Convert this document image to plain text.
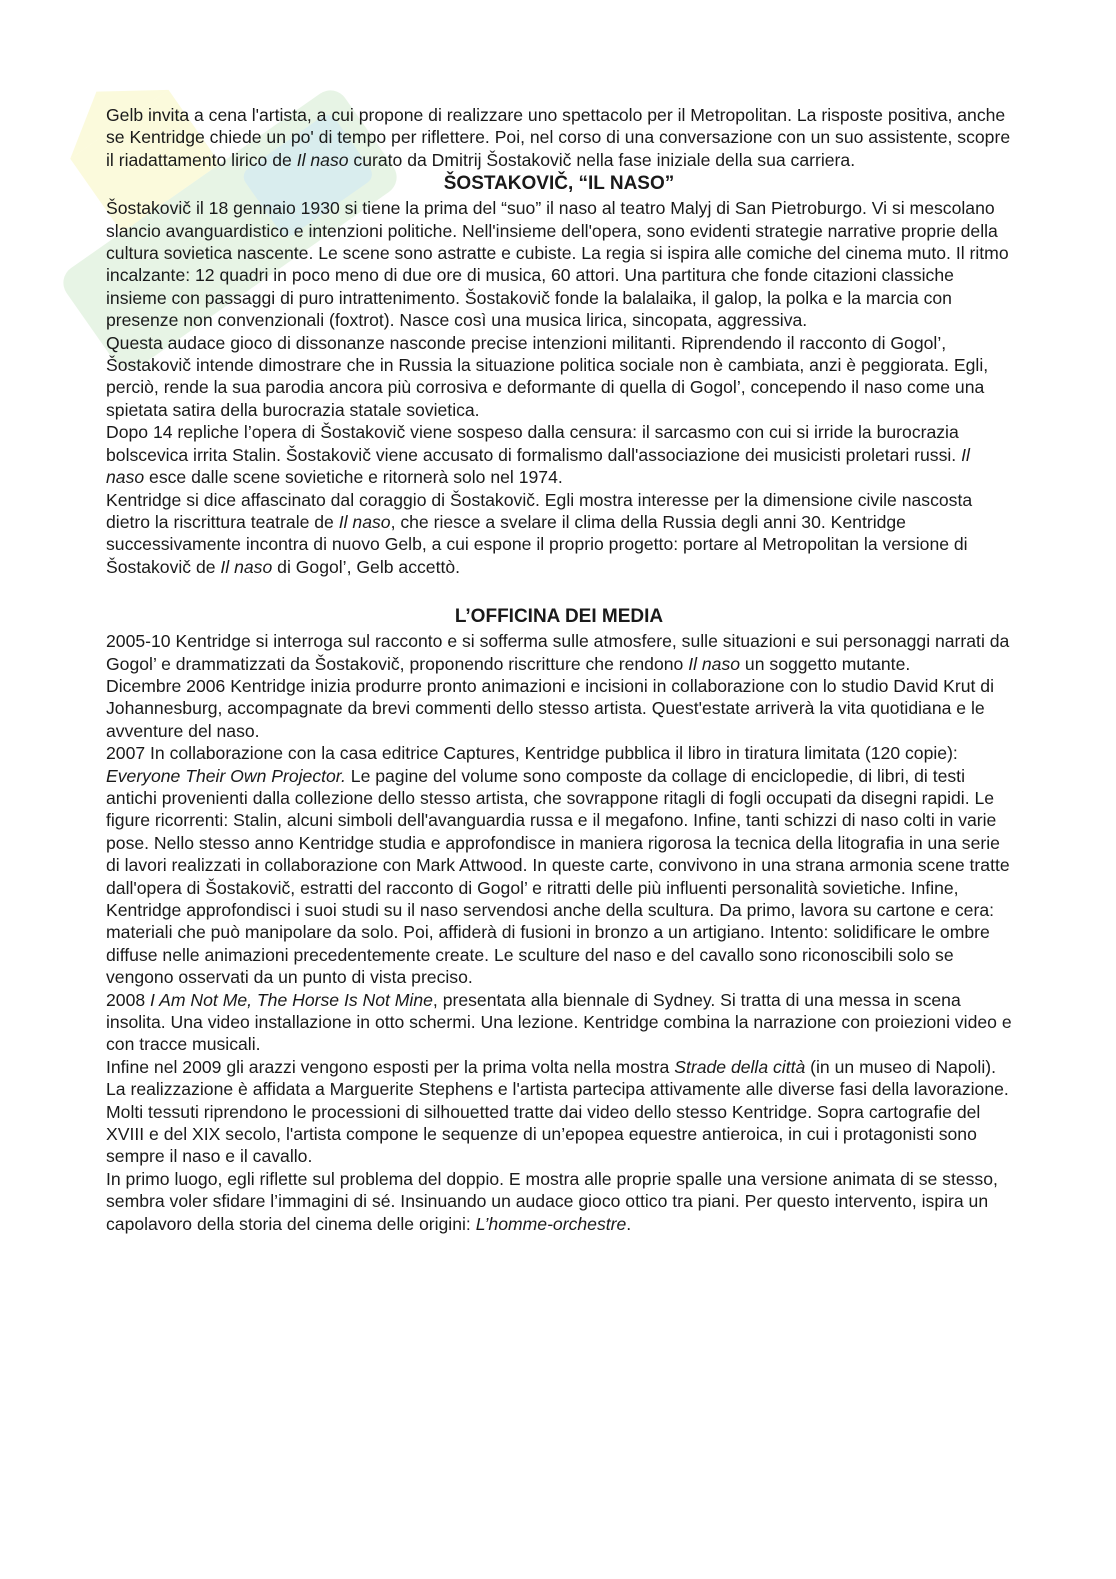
Gelb invita a cena l'artista, a cui propone di realizzare uno spettacolo per il Metropolitan. La risposte positiva, anche se Kentridge chiede un po' di tempo per riflettere. Poi, nel corso di una conversazione con un suo assistente, scopre il riadattamento lirico de Il naso curato da Dmitrij Šostakovič nella fase iniziale della sua carriera.

ŠOSTAKOVIČ, “IL NASO”

Šostakovič il 18 gennaio 1930 si tiene la prima del “suo” il naso al teatro Malyj di San Pietroburgo. Vi si mescolano slancio avanguardistico e intenzioni politiche. Nell'insieme dell'opera, sono evidenti strategie narrative proprie della cultura sovietica nascente. Le scene sono astratte e cubiste. La regia si ispira alle comiche del cinema muto. Il ritmo incalzante: 12 quadri in poco meno di due ore di musica, 60 attori. Una partitura che fonde citazioni classiche insieme con passaggi di puro intrattenimento. Šostakovič fonde la balalaika, il galop, la polka e la marcia con presenze non convenzionali (foxtrot). Nasce così una musica lirica, sincopata, aggressiva.

Questa audace gioco di dissonanze nasconde precise intenzioni militanti. Riprendendo il racconto di Gogol’, Šostakovič intende dimostrare che in Russia la situazione politica sociale non è cambiata, anzi è peggiorata. Egli, perciò, rende la sua parodia ancora più corrosiva e deformante di quella di Gogol’, concependo il naso come una spietata satira della burocrazia statale sovietica.

Dopo 14 repliche l’opera di Šostakovič viene sospeso dalla censura: il sarcasmo con cui si irride la burocrazia bolscevica irrita Stalin. Šostakovič viene accusato di formalismo dall'associazione dei musicisti proletari russi. Il naso esce dalle scene sovietiche e ritornerà solo nel 1974.

Kentridge si dice affascinato dal coraggio di Šostakovič. Egli mostra interesse per la dimensione civile nascosta dietro la riscrittura teatrale de Il naso, che riesce a svelare il clima della Russia degli anni 30. Kentridge successivamente incontra di nuovo Gelb, a cui espone il proprio progetto: portare al Metropolitan la versione di Šostakovič de Il naso di Gogol’, Gelb accettò.

L’OFFICINA DEI MEDIA

2005-10 Kentridge si interroga sul racconto e si sofferma sulle atmosfere, sulle situazioni e sui personaggi narrati da Gogol’ e drammatizzati da Šostakovič, proponendo riscritture che rendono Il naso un soggetto mutante.

Dicembre 2006 Kentridge inizia produrre pronto animazioni e incisioni in collaborazione con lo studio David Krut di Johannesburg, accompagnate da brevi commenti dello stesso artista. Quest'estate arriverà la vita quotidiana e le avventure del naso.

2007 In collaborazione con la casa editrice Captures, Kentridge pubblica il libro in tiratura limitata (120 copie): Everyone Their Own Projector. Le pagine del volume sono composte da collage di enciclopedie, di libri, di testi antichi provenienti dalla collezione dello stesso artista, che sovrappone ritagli di fogli occupati da disegni rapidi. Le figure ricorrenti: Stalin, alcuni simboli dell'avanguardia russa e il megafono. Infine, tanti schizzi di naso colti in varie pose. Nello stesso anno Kentridge studia e approfondisce in maniera rigorosa la tecnica della litografia in una serie di lavori realizzati in collaborazione con Mark Attwood. In queste carte, convivono in una strana armonia scene tratte dall'opera di Šostakovič, estratti del racconto di Gogol’ e ritratti delle più influenti personalità sovietiche. Infine, Kentridge approfondisci i suoi studi su il naso servendosi anche della scultura. Da primo, lavora su cartone e cera: materiali che può manipolare da solo. Poi, affiderà di fusioni in bronzo a un artigiano. Intento: solidificare le ombre diffuse nelle animazioni precedentemente create. Le sculture del naso e del cavallo sono riconoscibili solo se vengono osservati da un punto di vista preciso.

2008 I Am Not Me, The Horse Is Not Mine, presentata alla biennale di Sydney. Si tratta di una messa in scena insolita. Una video installazione in otto schermi. Una lezione. Kentridge combina la narrazione con proiezioni video e con tracce musicali.

Infine nel 2009 gli arazzi vengono esposti per la prima volta nella mostra Strade della città (in un museo di Napoli). La realizzazione è affidata a Marguerite Stephens e l'artista partecipa attivamente alle diverse fasi della lavorazione. Molti tessuti riprendono le processioni di silhouetted tratte dai video dello stesso Kentridge. Sopra cartografie del XVIII e del XIX secolo, l'artista compone le sequenze di un’epopea equestre antieroica, in cui i protagonisti sono sempre il naso e il cavallo.

In primo luogo, egli riflette sul problema del doppio. E mostra alle proprie spalle una versione animata di se stesso, sembra voler sfidare l’immagini di sé. Insinuando un audace gioco ottico tra piani. Per questo intervento, ispira un capolavoro della storia del cinema delle origini: L’homme-orchestre.
